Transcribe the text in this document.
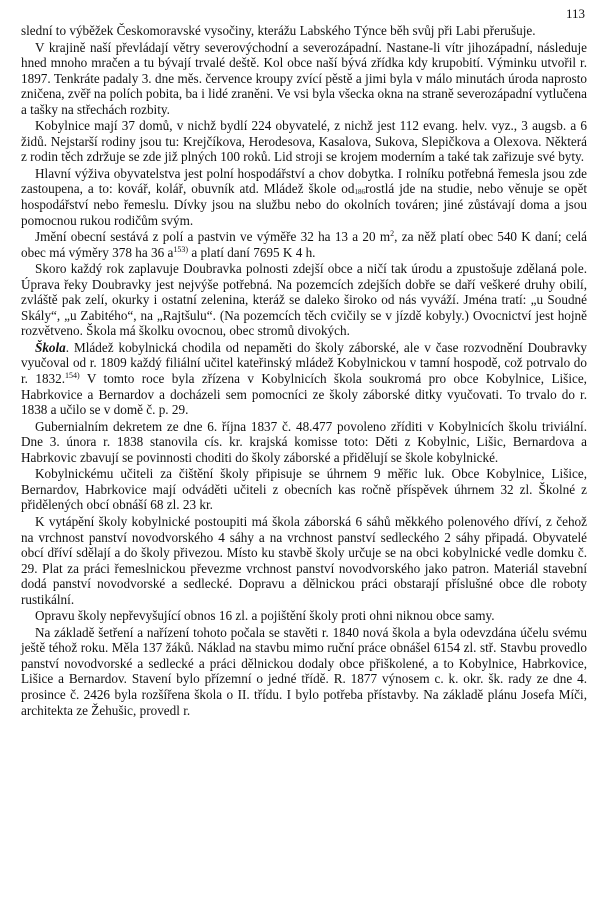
113

slední to výběžek Českomoravské vysočiny, kterážu Labského Týnce běh svůj při Labi přerušuje.

V krajině naší převládají větry severovýchodní a severozápadní. Nastane-li vítr jihozápadní, následuje hned mnoho mračen a tu bývají trvalé deště. Kol obce naší bývá zřídka kdy krupobití. Výminku utvořil r. 1897. Tenkráte padaly 3. dne měs. července kroupy zvící pěstě a jimi byla v málo minutách úroda naprosto zničena, zvěř na polích pobita, ba i lidé zraněni. Ve vsi byla všecka okna na straně severozápadní vytlučena a tašky na střechách rozbity.

Kobylnice mají 37 domů, v nichž bydlí 224 obyvatelé, z nichž jest 112 evang. helv. vyz., 3 augsb. a 6 židů. Nejstarší rodiny jsou tu: Krejčíkova, Herodesova, Kasalova, Sukova, Slepičkova a Olexova. Některá z rodin těch zdržuje se zde již plných 100 roků. Lid stroji se krojem moderním a také tak zařizuje své byty.

Hlavní výživa obyvatelstva jest polní hospodářství a chov dobytka. I rolníku potřebná řemesla jsou zde zastoupena, a to: kovář, kolář, obuvník atd. Mládež škole $od_{186}rostlá$ jde na studie, nebo věnuje se opět hospodářství nebo řemeslu. Dívky jsou na službu nebo do okolních továren; jiné zůstávají doma a jsou pomocnou rukou rodičům svým.

Jmění obecní sestává z polí a pastvin ve výměře 32 ha 13 a 20 $m^2$, za něž platí obec 540 K daní; celá obec má výměry 378 ha 36 $a^{153)}$ a platí daní 7695 K 4 h.

Skoro každý rok zaplavuje Doubravka polnosti zdejší obce a ničí tak úrodu a zpustošuje zdělaná pole. Úprava řeky Doubravky jest nejvýše potřebná. Na pozemcích zdejších dobře se daří veškeré druhy obilí, zvláště pak zelí, okurky i ostatní zelenina, kteráž se daleko široko od nás vyváží. Jména tratí: „u Soudné Skály“, „u Zabitého“, na „Rajtšulu“. (Na pozemcích těch cvičily se v jízdě kobyly.) Ovocnictví jest hojně rozvětveno. Škola má školku ovocnou, obec stromů divokých.

Škola. Mládež kobylnická chodila od nepaměti do školy záborské, ale v čase rozvodnění Doubravky vyučoval od r. 1809 každý filiální učitel kateřinský mládež Kobylnickou v tamní hospodě, což potrvalo do r. 1832.$^{154)}$ V tomto roce byla zřízena v Kobylnicích škola soukromá pro obce Kobylnice, Lišice, Habrkovice a Bernardov a docházeli sem pomocníci ze školy záborské ditky vyučovati. To trvalo do r. 1838 a učilo se v domě č. p. 29.

Gubernialním dekretem ze dne 6. října 1837 č. 48.477 povoleno zříditi v Kobylnicích školu triviální. Dne 3. února r. 1838 stanovila cís. kr. krajská komisse toto: Děti z Kobylnic, Lišic, Bernardova a Habrkovic zbavují se povinnosti choditi do školy záborské a přidělují se škole kobylnické.

Kobylnickému učiteli za čištění školy připisuje se úhrnem 9 měřic luk. Obce Kobylnice, Lišice, Bernardov, Habrkovice mají odváděti učiteli z obecních kas ročně příspěvek úhrnem 32 zl. Školné z přidělených obcí obnáší 68 zl. 23 kr.

K vytápění školy kobylnické postoupiti má škola záborská 6 sáhů měkkého polenového dříví, z čehož na vrchnost panství novodvorského 4 sáhy a na vrchnost panství sedleckého 2 sáhy připadá. Obyvatelé obcí dříví sdělají a do školy přivezou. Místo ku stavbě školy určuje se na obci kobylnické vedle domku č. 29. Plat za práci řemeslnickou převezme vrchnost panství novodvorského jako patron. Materiál stavební dodá panství novodvorské a sedlecké. Dopravu a dělnickou práci obstarají příslušné obce dle roboty rustikální.

Opravu školy nepřevyšující obnos 16 zl. a pojištění školy proti ohni niknou obce samy.

Na základě šetření a nařízení tohoto počala se stavěti r. 1840 nová škola a byla odevzdána účelu svému ještě téhož roku. Měla 137 žáků. Náklad na stavbu mimo ruční práce obnášel 6154 zl. stř. Stavbu provedlo panství novodvorské a sedlecké a práci dělnickou dodaly obce přiškolené, a to Kobylnice, Habrkovice, Lišice a Bernardov. Stavení bylo přízemní o jedné třídě. R. 1877 výnosem c. k. okr. šk. rady ze dne 4. prosince č. 2426 byla rozšířena škola o II. třídu. I bylo potřeba přístavby. Na základě plánu Josefa Míči, architekta ze Žehušic, provedl r.
